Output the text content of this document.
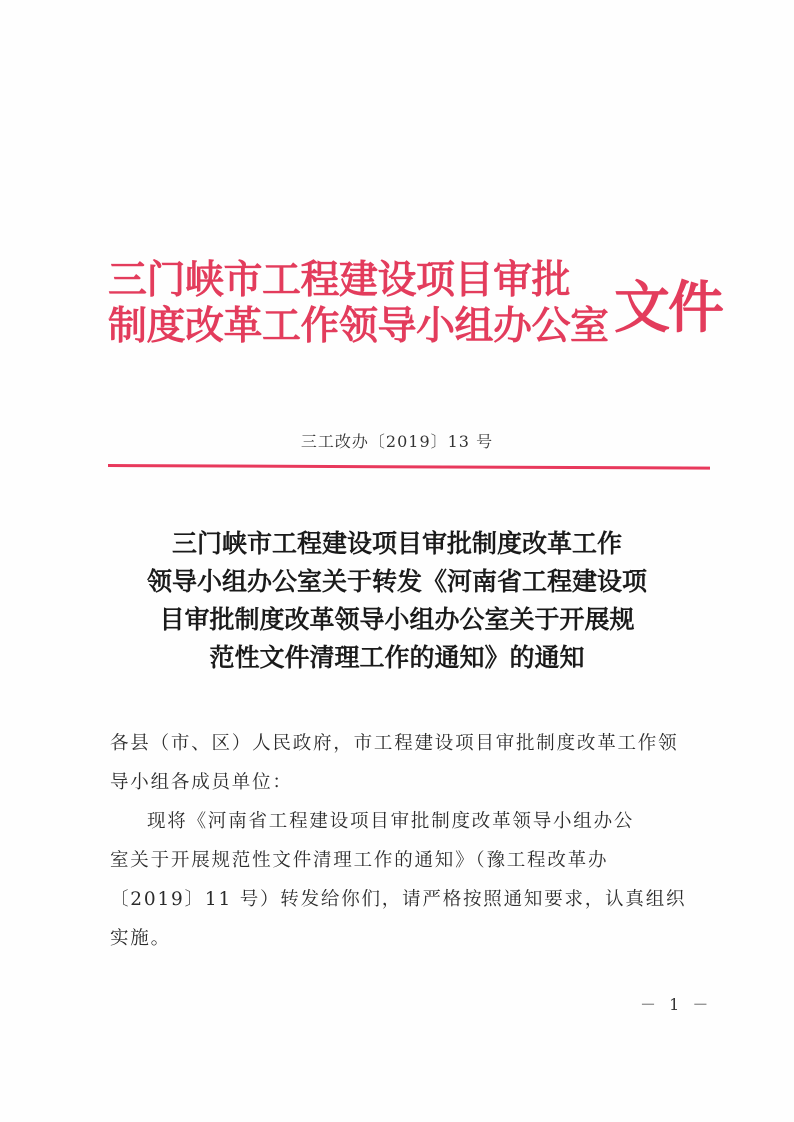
三门峡市工程建设项目审批
制度改革工作领导小组办公室 文件
三工改办〔2019〕13 号
三门峡市工程建设项目审批制度改革工作
领导小组办公室关于转发《河南省工程建设项
目审批制度改革领导小组办公室关于开展规
范性文件清理工作的通知》的通知
各县（市、区）人民政府，市工程建设项目审批制度改革工作领
导小组各成员单位：
现将《河南省工程建设项目审批制度改革领导小组办公
室关于开展规范性文件清理工作的通知》（豫工程改革办
〔2019〕11 号）转发给你们，请严格按照通知要求，认真组织
实施。
－ 1 －
